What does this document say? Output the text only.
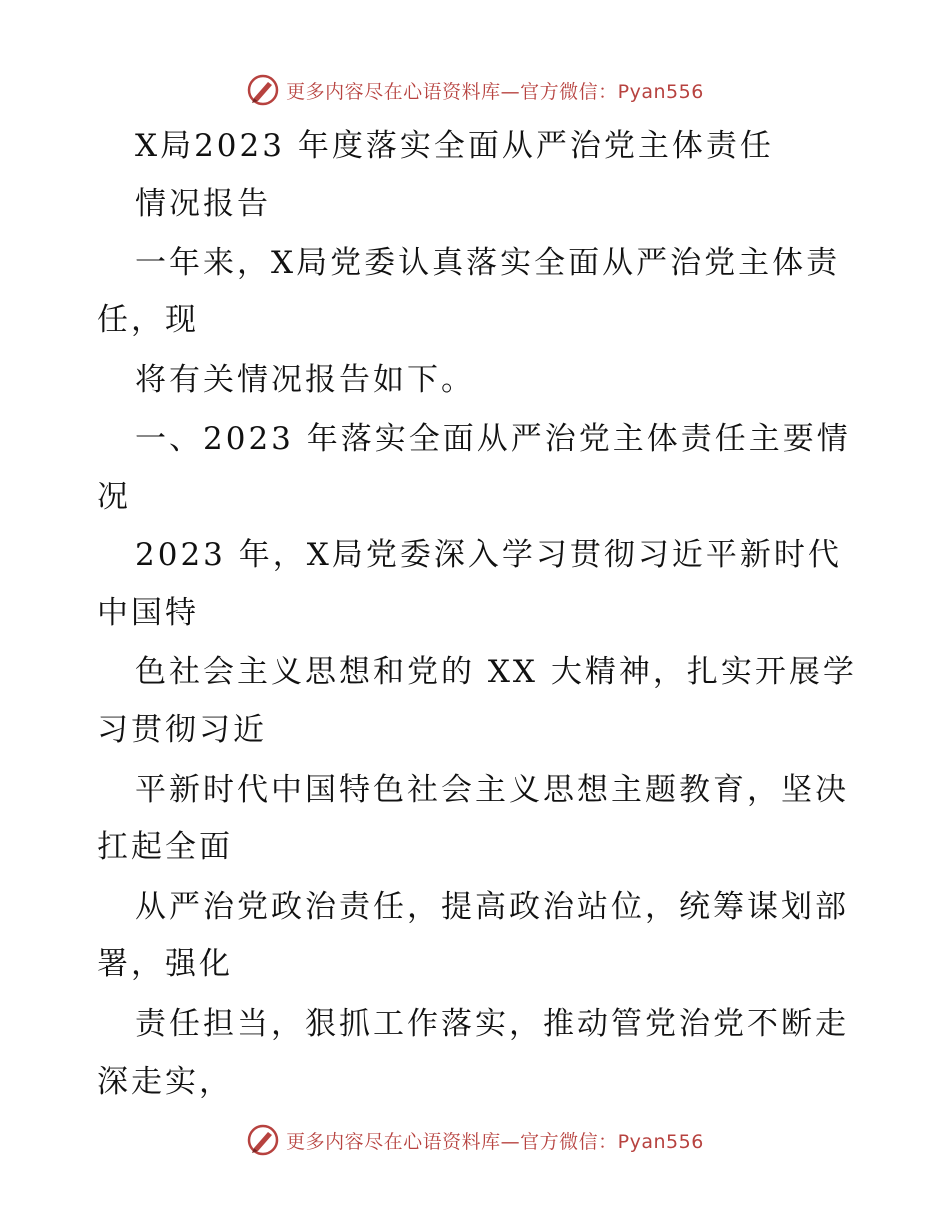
更多内容尽在心语资料库—官方微信：Pyan556
X局2023 年度落实全面从严治党主体责任
情况报告
一年来，X局党委认真落实全面从严治党主体责
任，现
将有关情况报告如下。
一、2023 年落实全面从严治党主体责任主要情
况
2023 年，X局党委深入学习贯彻习近平新时代
中国特
色社会主义思想和党的 XX 大精神，扎实开展学
习贯彻习近
平新时代中国特色社会主义思想主题教育，坚决
扛起全面
从严治党政治责任，提高政治站位，统筹谋划部
署，强化
责任担当，狠抓工作落实，推动管党治党不断走
深走实，
更多内容尽在心语资料库—官方微信：Pyan556
